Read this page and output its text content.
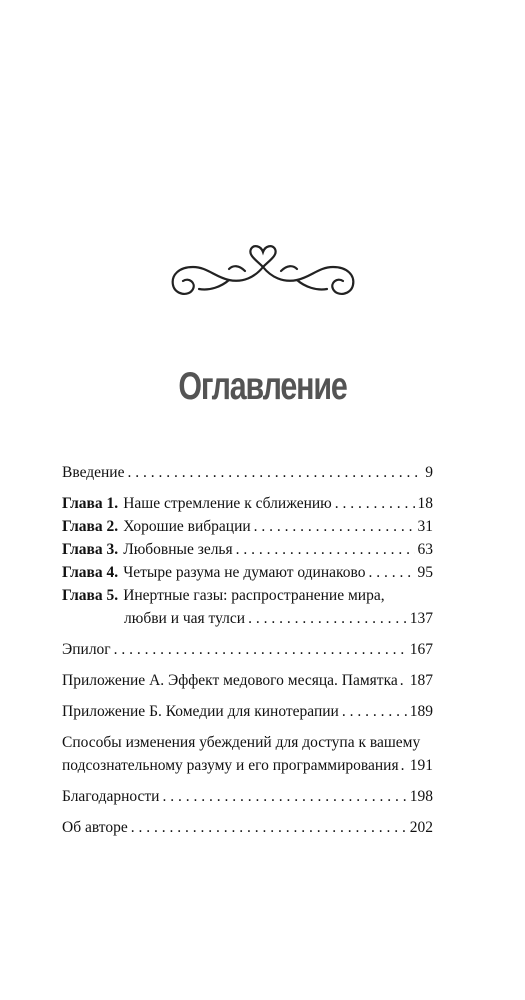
Оглавление
Введение . . .	9
Глава 1. Наше стремление к сближению . . .	18
Глава 2. Хорошие вибрации . . .	31
Глава 3. Любовные зелья . . .	63
Глава 4. Четыре разума не думают одинаково . . .	95
Глава 5. Инертные газы: распространение мира,
любви и чая тулси . . .	137
Эпилог . . .	167
Приложение А. Эффект медового месяца. Памятка . . . 187
Приложение Б. Комедии для кинотерапии . . .	189
Способы изменения убеждений для доступа к вашему
подсознательному разуму и его программирования . . . 191
Благодарности . . .	198
Об авторе . . .	202
